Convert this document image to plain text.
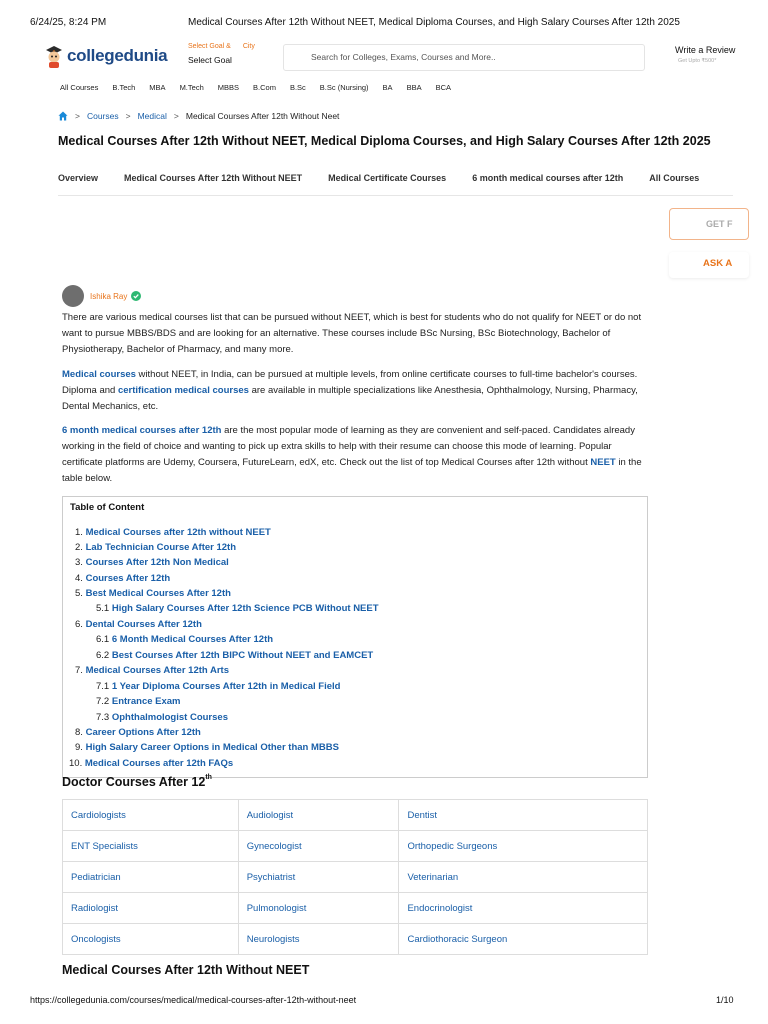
6/24/25, 8:24 PM	Medical Courses After 12th Without NEET, Medical Diploma Courses, and High Salary Courses After 12th 2025
collegedunia	Select Goal & City
Select Goal	Search for Colleges, Exams, Courses and More..
Write a Review
Get Upto ₹500*
All Courses B.Tech MBA M.Tech MBBS B.Com B.Sc B.Sc (Nursing) BA BBA BCA
> Courses > Medical > Medical Courses After 12th Without Neet
Medical Courses After 12th Without NEET, Medical Diploma Courses, and High Salary Courses After 12th 2025
Overview	Medical Courses After 12th Without NEET	Medical Certificate Courses	6 month medical courses after 12th	All Courses
GET F
ASK A
Ishika Ray

There are various medical courses list that can be pursued without NEET, which is best for students who do not qualify for NEET or do not want to pursue MBBS/BDS and are looking for an alternative. These courses include BSc Nursing, BSc Biotechnology, Bachelor of Physiotherapy, Bachelor of Pharmacy, and many more.

Medical courses without NEET, in India, can be pursued at multiple levels, from online certificate courses to full-time bachelor's courses. Diploma and certification medical courses are available in multiple specializations like Anesthesia, Ophthalmology, Nursing, Pharmacy, Dental Mechanics, etc.

6 month medical courses after 12th are the most popular mode of learning as they are convenient and self-paced. Candidates already working in the field of choice and wanting to pick up extra skills to help with their resume can choose this mode of learning. Popular certificate platforms are Udemy, Coursera, FutureLearn, edX, etc. Check out the list of top Medical Courses after 12th without NEET in the table below.

Table of Content
1. Medical Courses after 12th without NEET
2. Lab Technician Course After 12th
3. Courses After 12th Non Medical
4. Courses After 12th
5. Best Medical Courses After 12th
5.1 High Salary Courses After 12th Science PCB Without NEET
6. Dental Courses After 12th
6.1 6 Month Medical Courses After 12th
6.2 Best Courses After 12th BIPC Without NEET and EAMCET
7. Medical Courses After 12th Arts
7.1 1 Year Diploma Courses After 12th in Medical Field
7.2 Entrance Exam
7.3 Ophthalmologist Courses
8. Career Options After 12th
9. High Salary Career Options in Medical Other than MBBS
10. Medical Courses after 12th FAQs
Doctor Courses After 12th
Cardiologists	Audiologist	Dentist
ENT Specialists	Gynecologist	Orthopedic Surgeons
Pediatrician	Psychiatrist	Veterinarian
Radiologist	Pulmonologist	Endocrinologist
Oncologists	Neurologists	Cardiothoracic Surgeon
Medical Courses After 12th Without NEET
https://collegedunia.com/courses/medical/medical-courses-after-12th-without-neet	1/10
